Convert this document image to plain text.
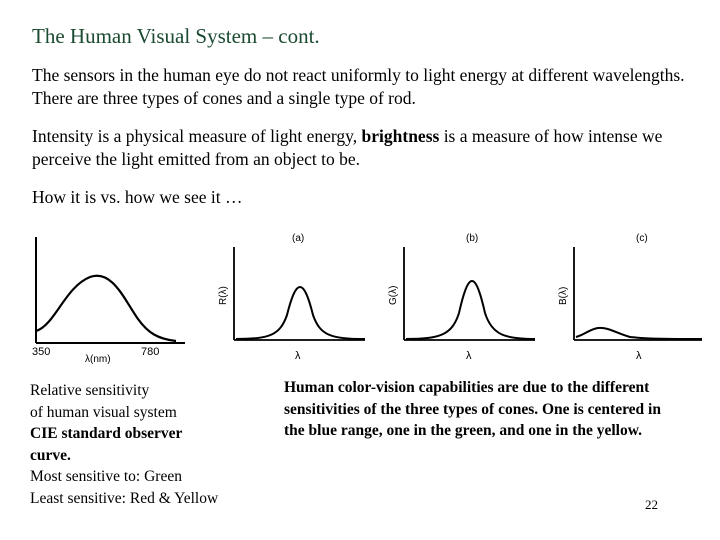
The Human Visual System – cont.

The sensors in the human eye do not react uniformly to light energy at different wavelengths. There are three types of cones and a single type of rod.

Intensity is a physical measure of light energy, brightness is a measure of how intense we perceive the light emitted from an object to be.

How it is vs. how we see it …

350
λ(nm)
780
(a)
R(λ)
λ
(b)
G(λ)
λ
(c)
B(λ)
λ
Relative sensitivity
of human visual system
CIE standard observer
curve.
Most sensitive to: Green
Least sensitive: Red & Yellow
Human color-vision capabilities are due to the different sensitivities of the three types of cones. One is centered in the blue range, one in the green, and one in the yellow.
22
